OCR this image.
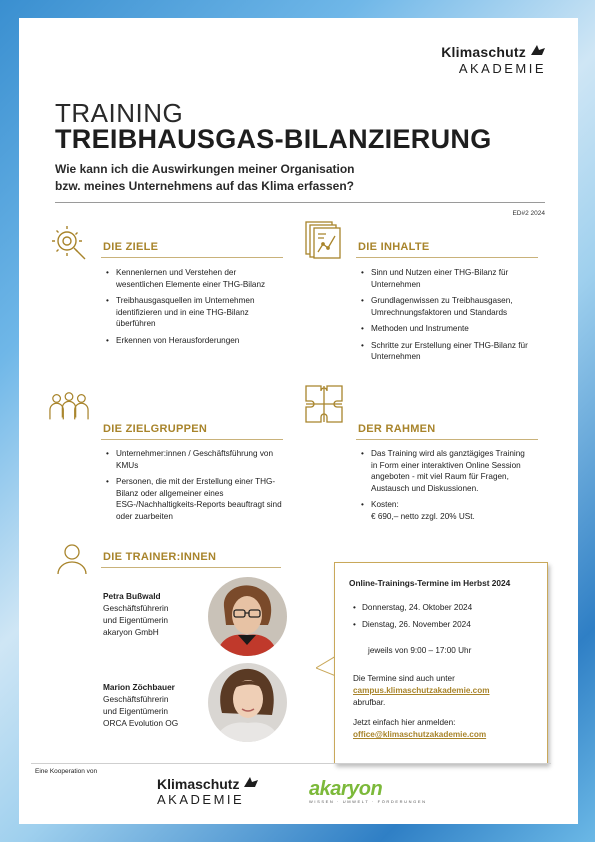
Klimaschutz
AKADEMIE
TRAINING
TREIBHAUSGAS-BILANZIERUNG
Wie kann ich die Auswirkungen meiner Organisation
bzw. meines Unternehmens auf das Klima erfassen?
ED#2 2024
DIE ZIELE
• Kennenlernen und Verstehen der wesentlichen Elemente einer THG-Bilanz
• Treibhausgasquellen im Unternehmen identifizieren und in eine THG-Bilanz überführen
• Erkennen von Herausforderungen
DIE INHALTE
• Sinn und Nutzen einer THG-Bilanz für Unternehmen
• Grundlagenwissen zu Treibhausgasen, Umrechnungsfaktoren und Standards
• Methoden und Instrumente
• Schritte zur Erstellung einer THG-Bilanz für Unternehmen
DIE ZIELGRUPPEN
• Unternehmer:innen / Geschäftsführung von KMUs
• Personen, die mit der Erstellung einer THG-Bilanz oder allgemeiner eines ESG-/Nachhaltigkeits-Reports beauftragt sind oder zuarbeiten
DER RAHMEN
• Das Training wird als ganztägiges Training in Form einer interaktiven Online Session angeboten - mit viel Raum für Fragen, Austausch und Diskussionen.
• Kosten:
€ 690,– netto zzgl. 20% USt.
DIE TRAINER:INNEN
Petra Bußwald
Geschäftsführerin
und Eigentümerin
akaryon GmbH
Marion Zöchbauer
Geschäftsführerin
und Eigentümerin
ORCA Evolution OG
Online-Trainings-Termine im Herbst 2024
• Donnerstag, 24. Oktober 2024
• Dienstag, 26. November 2024
jeweils von 9:00 – 17:00 Uhr
Die Termine sind auch unter
campus.klimaschutzakademie.com
abrufbar.
Jetzt einfach hier anmelden:
office@klimaschutzakademie.com
Eine Kooperation von
Klimaschutz
AKADEMIE	akaryon
WISSEN · UMWELT · FÖRDERUNGEN
